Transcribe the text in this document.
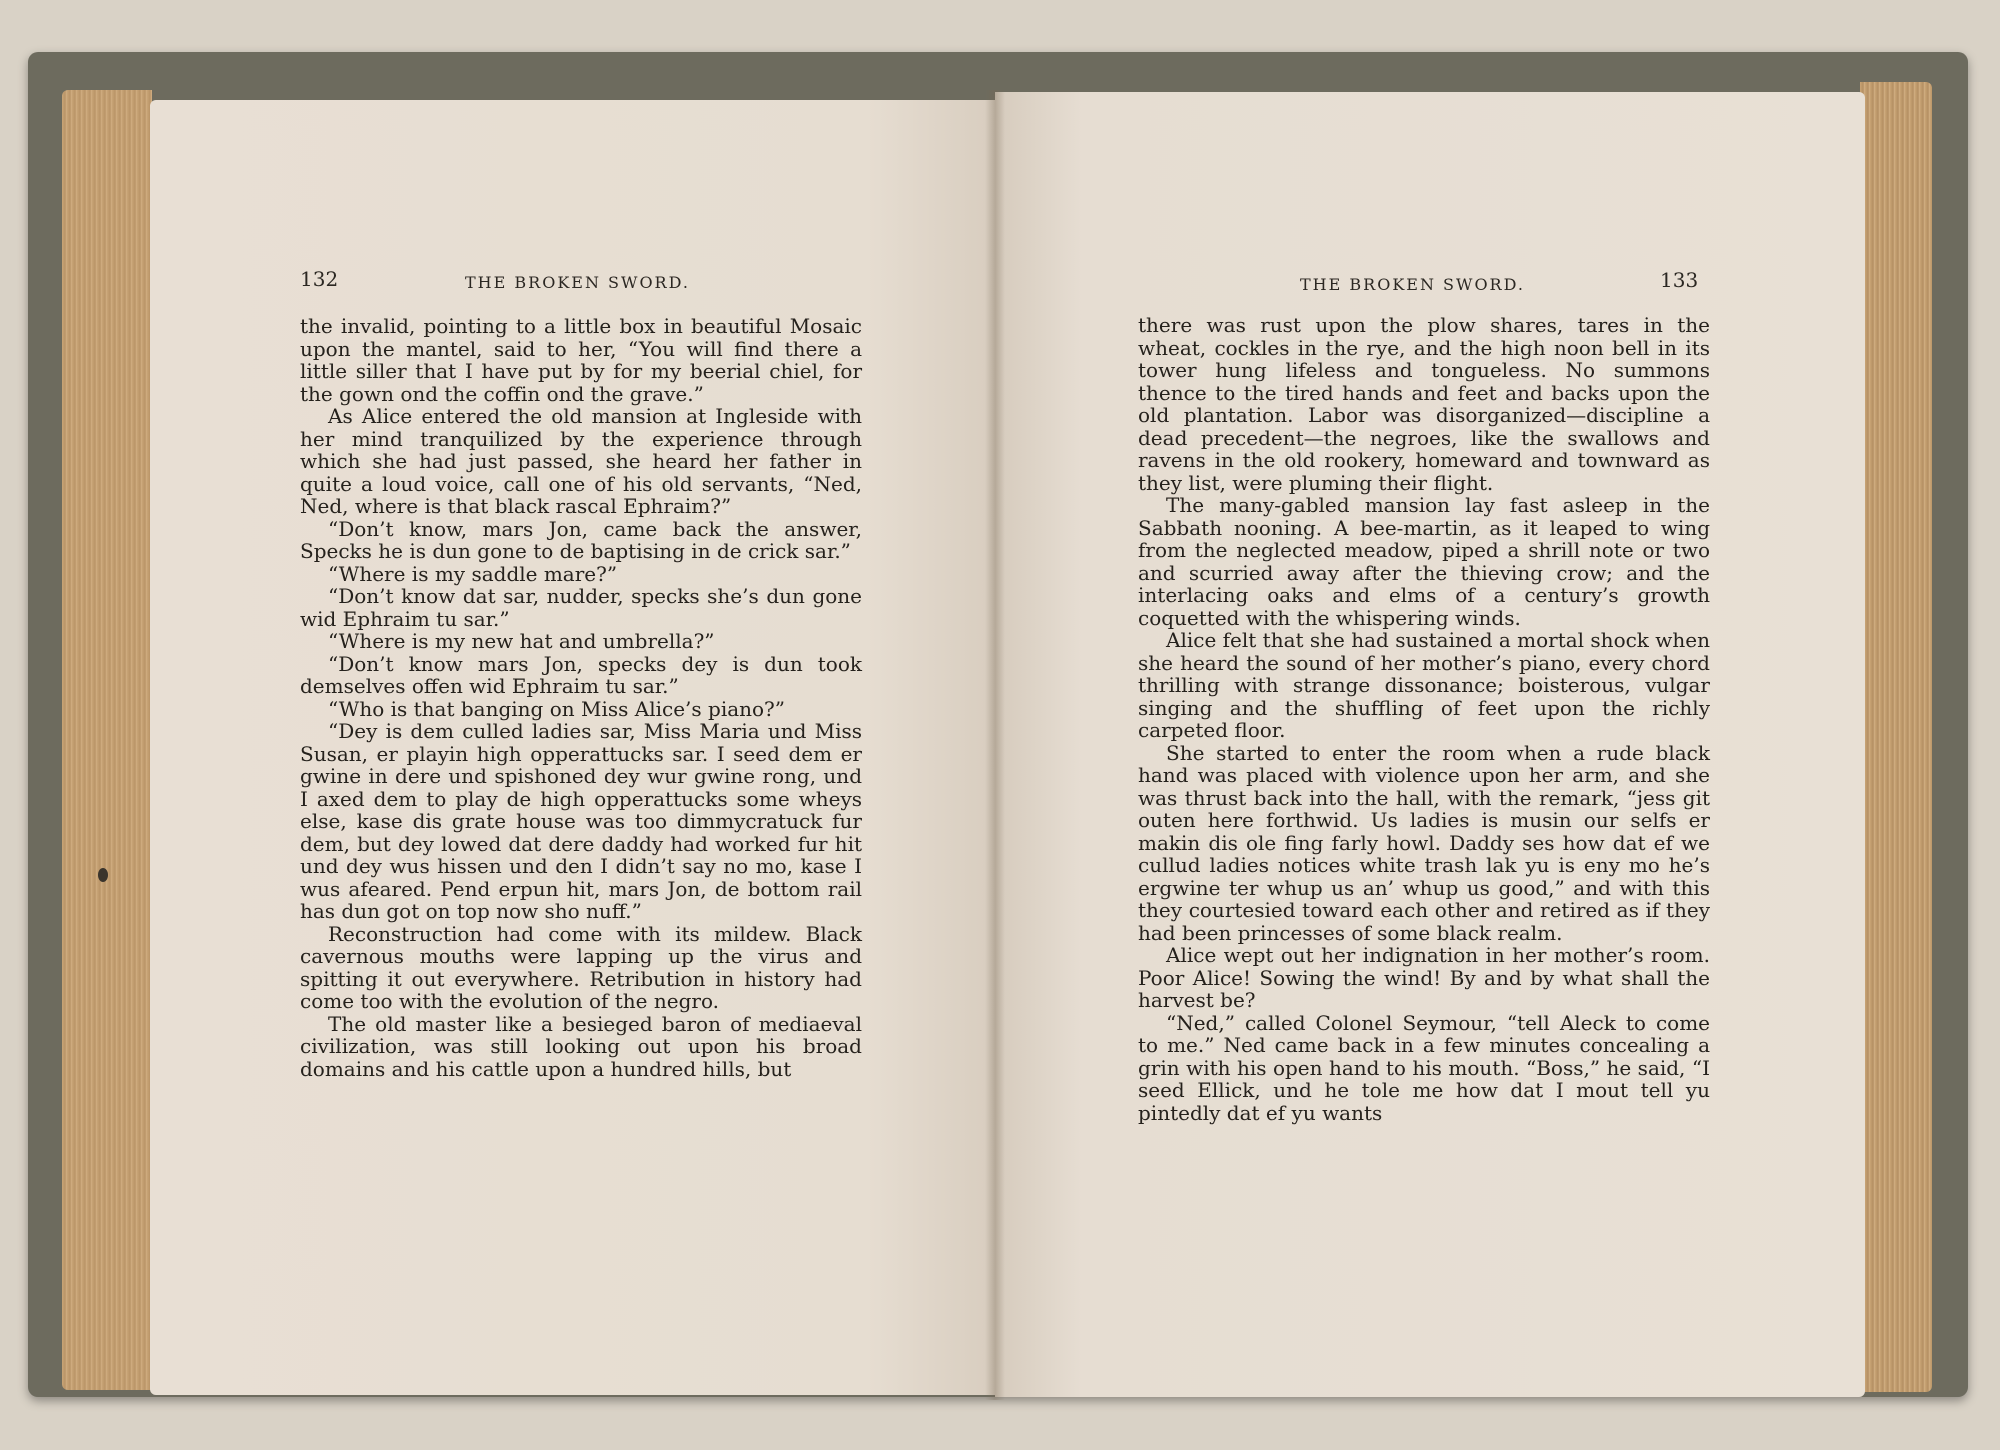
132	THE BROKEN SWORD.

the invalid, pointing to a little box in beautiful Mosaic upon the mantel, said to her, “You will find there a little siller that I have put by for my beerial chiel, for the gown ond the coffin ond the grave.”

As Alice entered the old mansion at Ingleside with her mind tranquilized by the experience through which she had just passed, she heard her father in quite a loud voice, call one of his old servants, “Ned, Ned, where is that black rascal Ephraim?”

“Don’t know, mars Jon, came back the answer, Specks he is dun gone to de baptising in de crick sar.”

“Where is my saddle mare?”

“Don’t know dat sar, nudder, specks she’s dun gone wid Ephraim tu sar.”

“Where is my new hat and umbrella?”

“Don’t know mars Jon, specks dey is dun took demselves offen wid Ephraim tu sar.”

“Who is that banging on Miss Alice’s piano?”

“Dey is dem culled ladies sar, Miss Maria und Miss Susan, er playin high opperattucks sar. I seed dem er gwine in dere und spishoned dey wur gwine rong, und I axed dem to play de high opperattucks some wheys else, kase dis grate house was too dimmycratuck fur dem, but dey lowed dat dere daddy had worked fur hit und dey wus hissen und den I didn’t say no mo, kase I wus afeared. Pend erpun hit, mars Jon, de bottom rail has dun got on top now sho nuff.”

Reconstruction had come with its mildew. Black cavernous mouths were lapping up the virus and spitting it out everywhere. Retribution in history had come too with the evolution of the negro.

The old master like a besieged baron of mediaeval civilization, was still looking out upon his broad domains and his cattle upon a hundred hills, but

THE BROKEN SWORD.	133

there was rust upon the plow shares, tares in the wheat, cockles in the rye, and the high noon bell in its tower hung lifeless and tongueless. No summons thence to the tired hands and feet and backs upon the old plantation. Labor was disorganized—discipline a dead precedent—the negroes, like the swallows and ravens in the old rookery, homeward and townward as they list, were pluming their flight.

The many-gabled mansion lay fast asleep in the Sabbath nooning. A bee-martin, as it leaped to wing from the neglected meadow, piped a shrill note or two and scurried away after the thieving crow; and the interlacing oaks and elms of a century’s growth coquetted with the whispering winds.

Alice felt that she had sustained a mortal shock when she heard the sound of her mother’s piano, every chord thrilling with strange dissonance; boisterous, vulgar singing and the shuffling of feet upon the richly carpeted floor.

She started to enter the room when a rude black hand was placed with violence upon her arm, and she was thrust back into the hall, with the remark, “jess git outen here forthwid. Us ladies is musin our selfs er makin dis ole fing farly howl. Daddy ses how dat ef we cullud ladies notices white trash lak yu is eny mo he’s ergwine ter whup us an’ whup us good,” and with this they courtesied toward each other and retired as if they had been princesses of some black realm.

Alice wept out her indignation in her mother’s room. Poor Alice! Sowing the wind! By and by what shall the harvest be?

“Ned,” called Colonel Seymour, “tell Aleck to come to me.” Ned came back in a few minutes concealing a grin with his open hand to his mouth. “Boss,” he said, “I seed Ellick, und he tole me how dat I mout tell yu pintedly dat ef yu wants
